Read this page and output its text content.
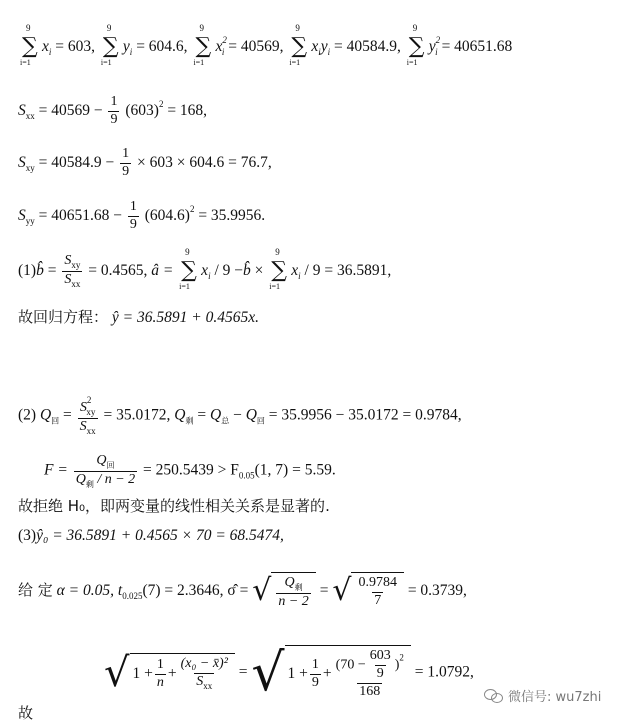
9
∑
i=1
$x_i = 603$,
9
∑
i=1
$y_i = 604.6$,
9
∑
i=1
$x^2_i = 40569$,
9
∑
i=1
$x_iy_i = 40584.9$,
9
∑
i=1
$y^2_i = 40651.68$
$S_{xx} = 40569 - \frac{1}{9} (603)^2 = 168$,
$S_{xy} = 40584.9 - \frac{1}{9} \times 603 \times 604.6 = 76.7$,
$S_{yy} = 40651.68 - \frac{1}{9} (604.6)^2 = 35.9956$.
(1)b̂ = $\frac{S_{xy}}{S_{xx}} = 0.4565$, â =
9
∑
i=1
$x_i / 9$ −b̂ ×
9
∑
i=1
$x_i / 9 = 36.5891$,
故回归方程： ŷ = 36.5891 + 0.4565x.
(2) $Q_回 = \frac{S^2_{xy}}{S_{xx}} = 35.0172$, $Q_剩 = Q_总 - Q_回 = 35.9956 - 35.0172 = 0.9784$,
$F = \frac{Q_回}{Q_剩 / n - 2} = 250.5439 > F_{0.05}(1$, 7) = 5.59.
故拒绝 H₀，即两变量的线性相关关系是显著的.
(3)ŷ₀ = 36.5891 + 0.4565 × 70 = 68.5474,
给 定 α = 0.05, $t_{0.025}(7) = 2.3646$, σ̂ = √ $\frac{Q_剩}{n - 2}$ = √ $\frac{0.9784}{7} = 0.3739$,
√ $1 + \frac{1}{n} + \frac{\text{(x₀ − x̄)²}}{S_{xx}}$ = √ $1 + \frac{1}{9} + \frac{(70 - \frac{603}{9} )^2}{168} = 1.0792$,
故
微信号: wu7zhi
